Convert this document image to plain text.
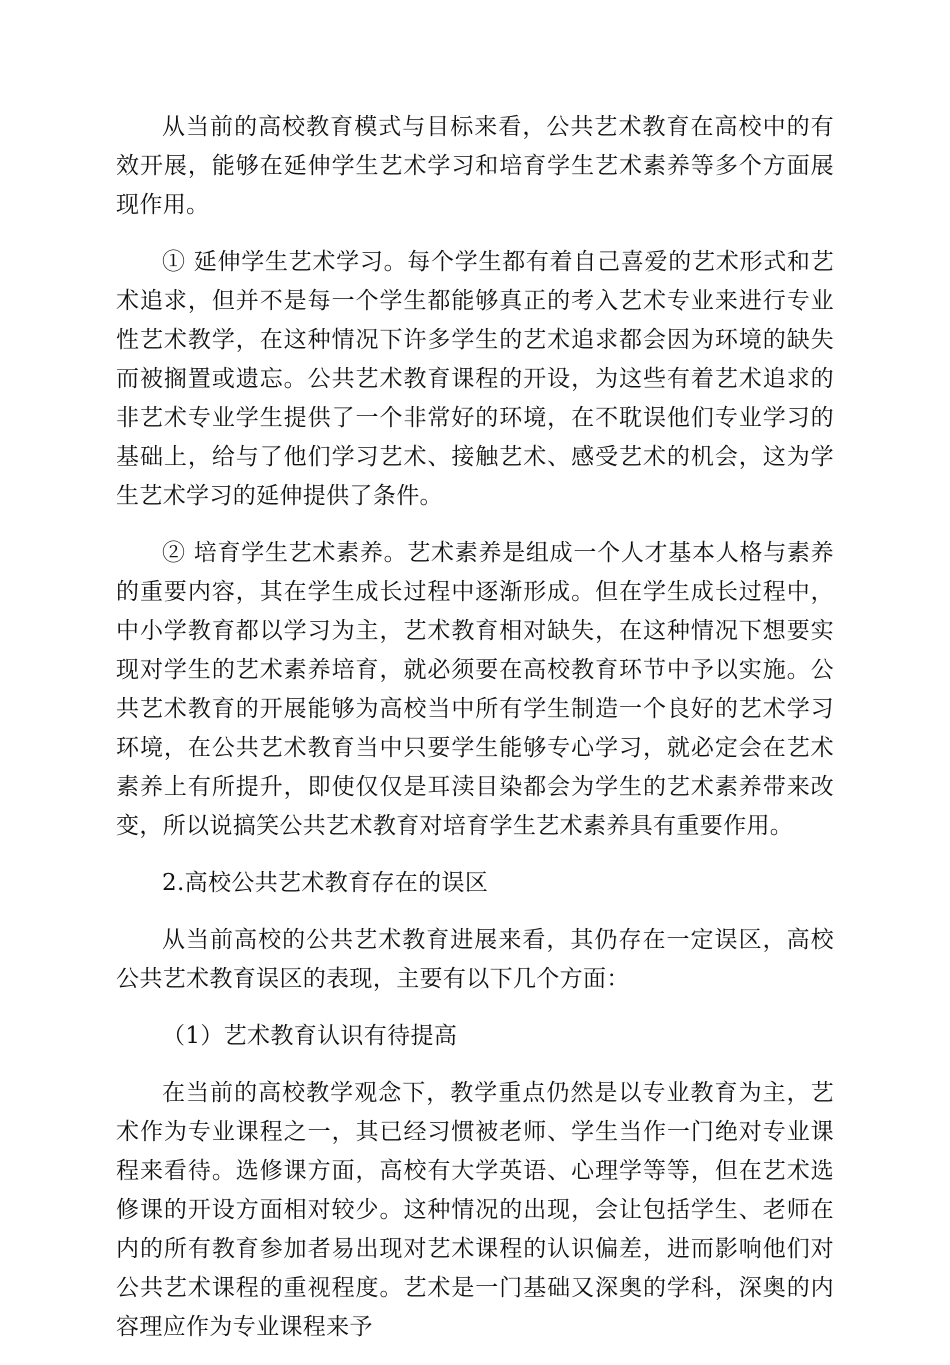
从当前的高校教育模式与目标来看，公共艺术教育在高校中的有效开展，能够在延伸学生艺术学习和培育学生艺术素养等多个方面展现作用。

① 延伸学生艺术学习。每个学生都有着自己喜爱的艺术形式和艺术追求，但并不是每一个学生都能够真正的考入艺术专业来进行专业性艺术教学，在这种情况下许多学生的艺术追求都会因为环境的缺失而被搁置或遗忘。公共艺术教育课程的开设，为这些有着艺术追求的非艺术专业学生提供了一个非常好的环境，在不耽误他们专业学习的基础上，给与了他们学习艺术、接触艺术、感受艺术的机会，这为学生艺术学习的延伸提供了条件。

② 培育学生艺术素养。艺术素养是组成一个人才基本人格与素养的重要内容，其在学生成长过程中逐渐形成。但在学生成长过程中，中小学教育都以学习为主，艺术教育相对缺失，在这种情况下想要实现对学生的艺术素养培育，就必须要在高校教育环节中予以实施。公共艺术教育的开展能够为高校当中所有学生制造一个良好的艺术学习环境，在公共艺术教育当中只要学生能够专心学习，就必定会在艺术素养上有所提升，即使仅仅是耳渎目染都会为学生的艺术素养带来改变，所以说搞笑公共艺术教育对培育学生艺术素养具有重要作用。

2.高校公共艺术教育存在的误区

从当前高校的公共艺术教育进展来看，其仍存在一定误区，高校公共艺术教育误区的表现，主要有以下几个方面：

（1）艺术教育认识有待提高

在当前的高校教学观念下，教学重点仍然是以专业教育为主，艺术作为专业课程之一，其已经习惯被老师、学生当作一门绝对专业课程来看待。选修课方面，高校有大学英语、心理学等等，但在艺术选修课的开设方面相对较少。这种情况的出现，会让包括学生、老师在内的所有教育参加者易出现对艺术课程的认识偏差，进而影响他们对公共艺术课程的重视程度。艺术是一门基础又深奥的学科，深奥的内容理应作为专业课程来予
